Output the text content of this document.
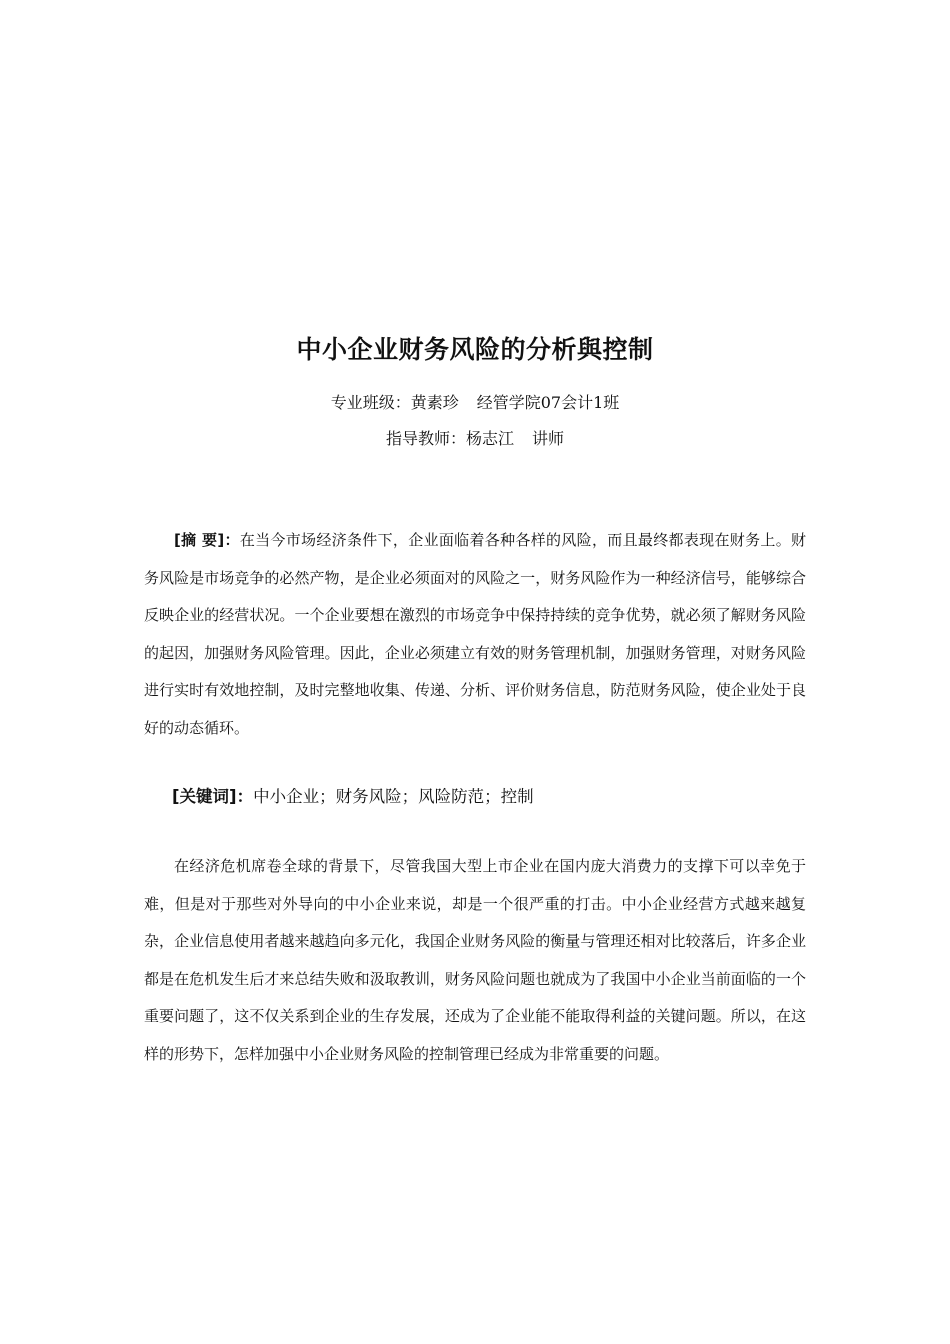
中小企业财务风险的分析與控制
专业班级：黄素珍 经管学院07会计1班
指导教师：杨志江 讲师

[摘 要]：在当今市场经济条件下，企业面临着各种各样的风险，而且最终都表现在财务上。财务风险是市场竞争的必然产物，是企业必须面对的风险之一，财务风险作为一种经济信号，能够综合反映企业的经营状况。一个企业要想在激烈的市场竞争中保持持续的竞争优势，就必须了解财务风险的起因，加强财务风险管理。因此，企业必须建立有效的财务管理机制，加强财务管理，对财务风险进行实时有效地控制，及时完整地收集、传递、分析、评价财务信息，防范财务风险，使企业处于良好的动态循环。

[关键词]：中小企业；财务风险；风险防范；控制

在经济危机席卷全球的背景下，尽管我国大型上市企业在国内庞大消费力的支撑下可以幸免于难，但是对于那些对外导向的中小企业来说，却是一个很严重的打击。中小企业经营方式越来越复杂，企业信息使用者越来越趋向多元化，我国企业财务风险的衡量与管理还相对比较落后，许多企业都是在危机发生后才来总结失败和汲取教训，财务风险问题也就成为了我国中小企业当前面临的一个重要问题了，这不仅关系到企业的生存发展，还成为了企业能不能取得利益的关键问题。所以，在这样的形势下，怎样加强中小企业财务风险的控制管理已经成为非常重要的问题。
